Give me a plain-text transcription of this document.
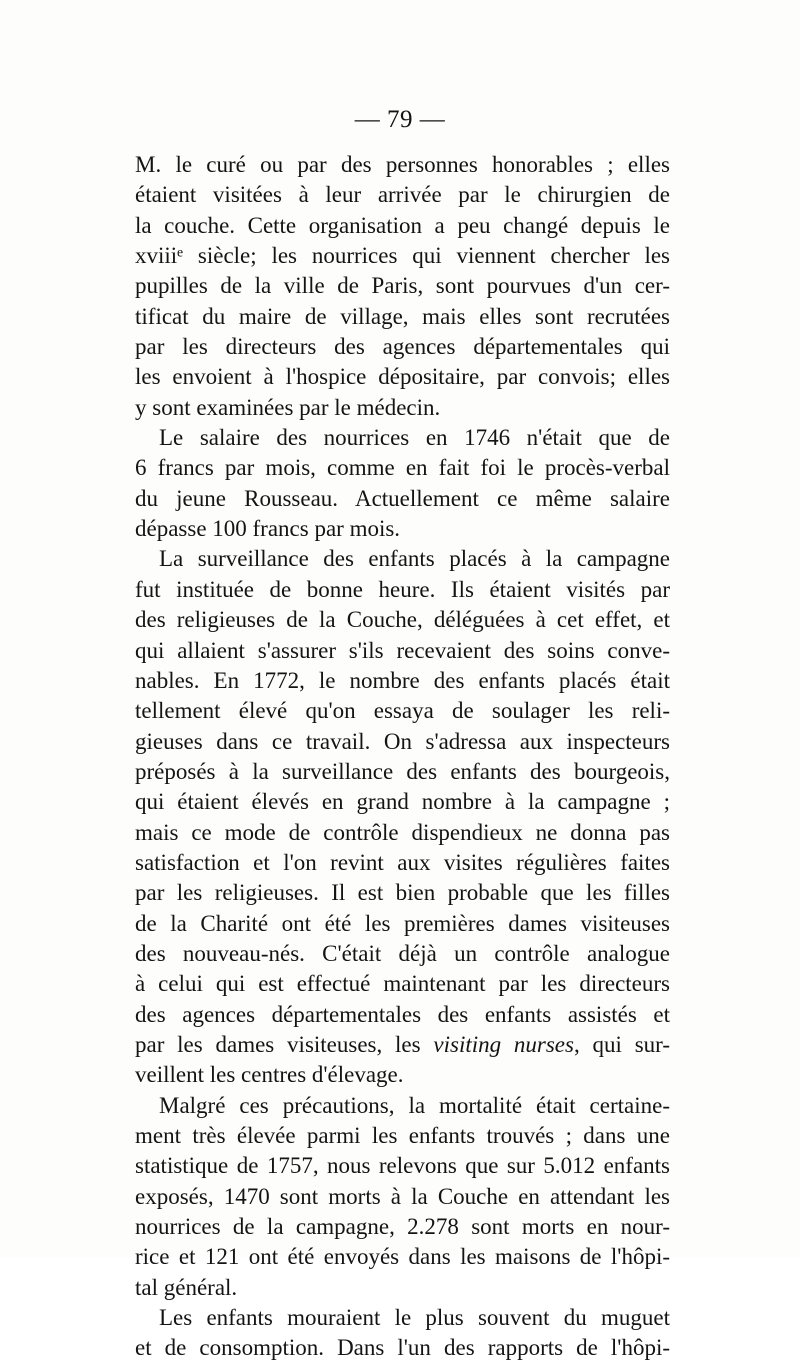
— 79 —
M. le curé ou par des personnes honorables ; elles
étaient visitées à leur arrivée par le chirurgien de
la couche. Cette organisation a peu changé depuis le
xviiiᵉ siècle; les nourrices qui viennent chercher les
pupilles de la ville de Paris, sont pourvues d'un cer-
tificat du maire de village, mais elles sont recrutées
par les directeurs des agences départementales qui
les envoient à l'hospice dépositaire, par convois; elles
y sont examinées par le médecin.
Le salaire des nourrices en 1746 n'était que de
6 francs par mois, comme en fait foi le procès-verbal
du jeune Rousseau. Actuellement ce même salaire
dépasse 100 francs par mois.
La surveillance des enfants placés à la campagne
fut instituée de bonne heure. Ils étaient visités par
des religieuses de la Couche, déléguées à cet effet, et
qui allaient s'assurer s'ils recevaient des soins conve-
nables. En 1772, le nombre des enfants placés était
tellement élevé qu'on essaya de soulager les reli-
gieuses dans ce travail. On s'adressa aux inspecteurs
préposés à la surveillance des enfants des bourgeois,
qui étaient élevés en grand nombre à la campagne ;
mais ce mode de contrôle dispendieux ne donna pas
satisfaction et l'on revint aux visites régulières faites
par les religieuses. Il est bien probable que les filles
de la Charité ont été les premières dames visiteuses
des nouveau-nés. C'était déjà un contrôle analogue
à celui qui est effectué maintenant par les directeurs
des agences départementales des enfants assistés et
par les dames visiteuses, les visiting nurses, qui sur-
veillent les centres d'élevage.
Malgré ces précautions, la mortalité était certaine-
ment très élevée parmi les enfants trouvés ; dans une
statistique de 1757, nous relevons que sur 5.012 enfants
exposés, 1470 sont morts à la Couche en attendant les
nourrices de la campagne, 2.278 sont morts en nour-
rice et 121 ont été envoyés dans les maisons de l'hôpi-
tal général.
Les enfants mouraient le plus souvent du muguet
et de consomption. Dans l'un des rapports de l'hôpi-
